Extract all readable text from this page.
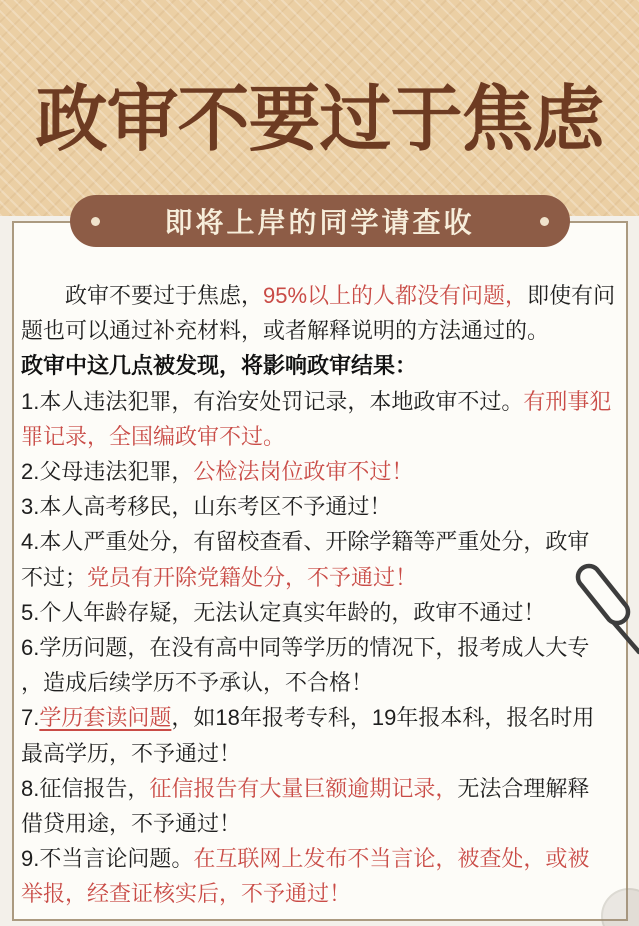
政审不要过于焦虑
政审不要过于焦虑，95%以上的人都没有问题，即使有问
题也可以通过补充材料，或者解释说明的方法通过的。
政审中这几点被发现，将影响政审结果：
1.本人违法犯罪，有治安处罚记录，本地政审不过。有刑事犯
罪记录，全国编政审不过。
2.父母违法犯罪，公检法岗位政审不过！
3.本人高考移民，山东考区不予通过！
4.本人严重处分，有留校查看、开除学籍等严重处分，政审
不过；党员有开除党籍处分，不予通过！
5.个人年龄存疑，无法认定真实年龄的，政审不通过！
6.学历问题，在没有高中同等学历的情况下，报考成人大专
，造成后续学历不予承认，不合格！
7.学历套读问题，如18年报考专科，19年报本科，报名时用
最高学历，不予通过！
8.征信报告，征信报告有大量巨额逾期记录，无法合理解释
借贷用途，不予通过！
9.不当言论问题。在互联网上发布不当言论，被查处，或被
举报，经查证核实后，不予通过！
即将上岸的同学请查收
